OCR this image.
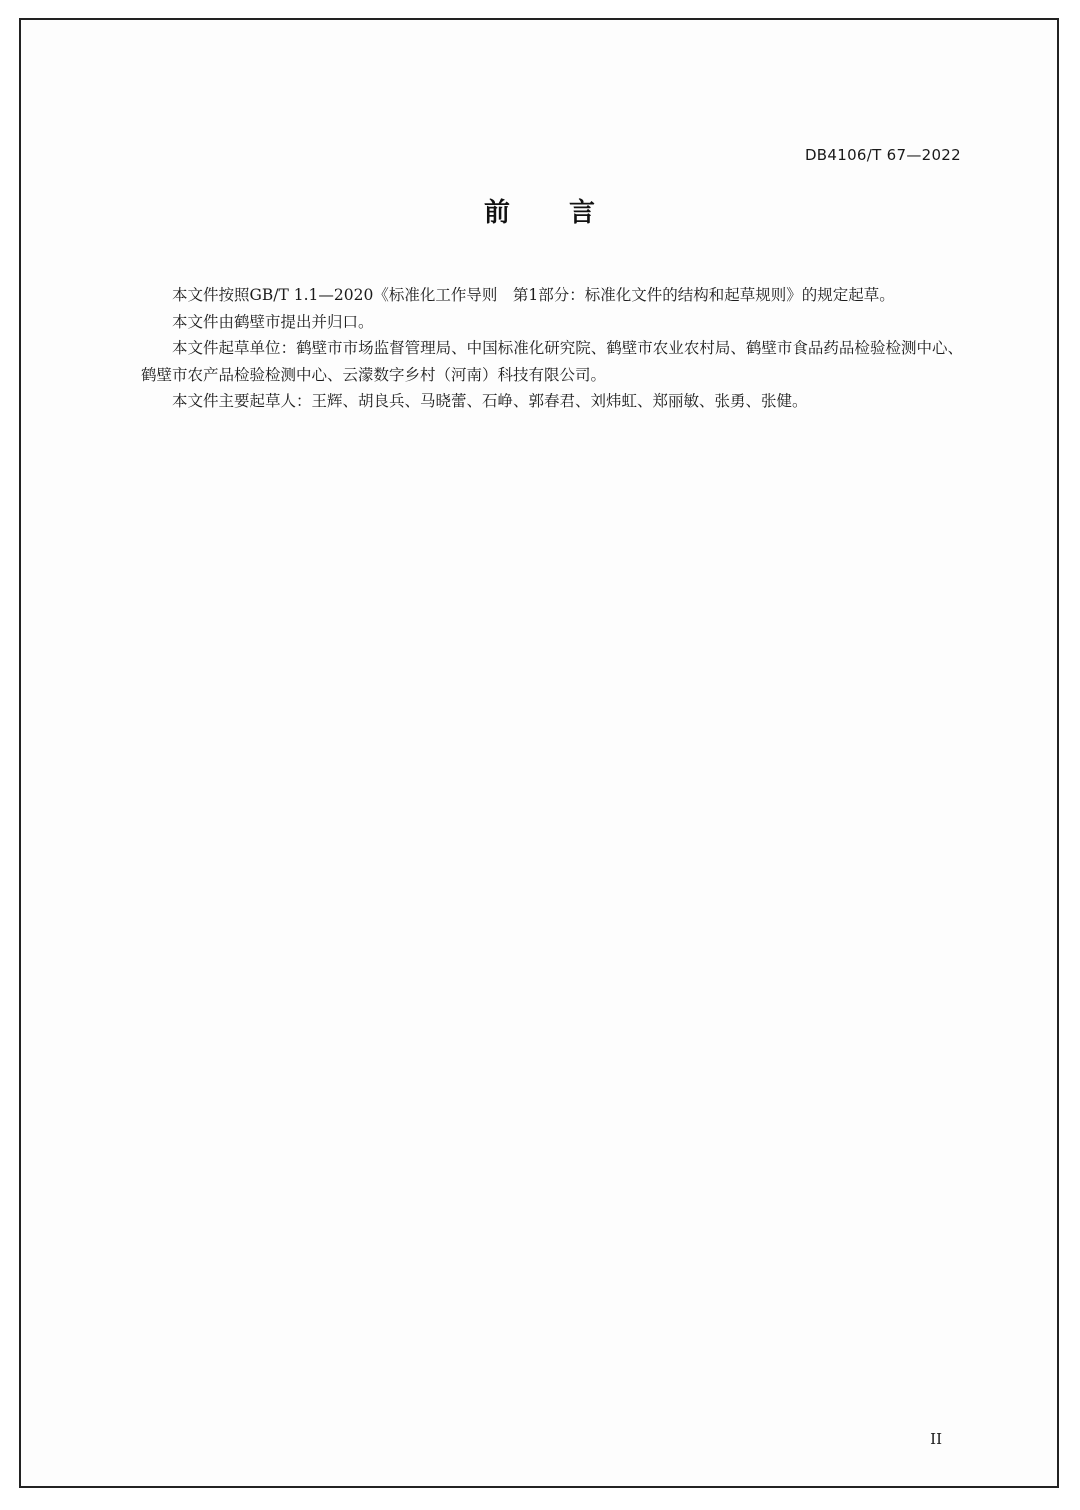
DB4106/T 67—2022
前 言

本文件按照GB/T 1.1—2020《标准化工作导则　第1部分：标准化文件的结构和起草规则》的规定起草。

本文件由鹤壁市提出并归口。

本文件起草单位：鹤壁市市场监督管理局、中国标准化研究院、鹤壁市农业农村局、鹤壁市食品药品检验检测中心、鹤壁市农产品检验检测中心、云濛数字乡村（河南）科技有限公司。

本文件主要起草人：王辉、胡良兵、马晓蕾、石峥、郭春君、刘炜虹、郑丽敏、张勇、张健。

II
